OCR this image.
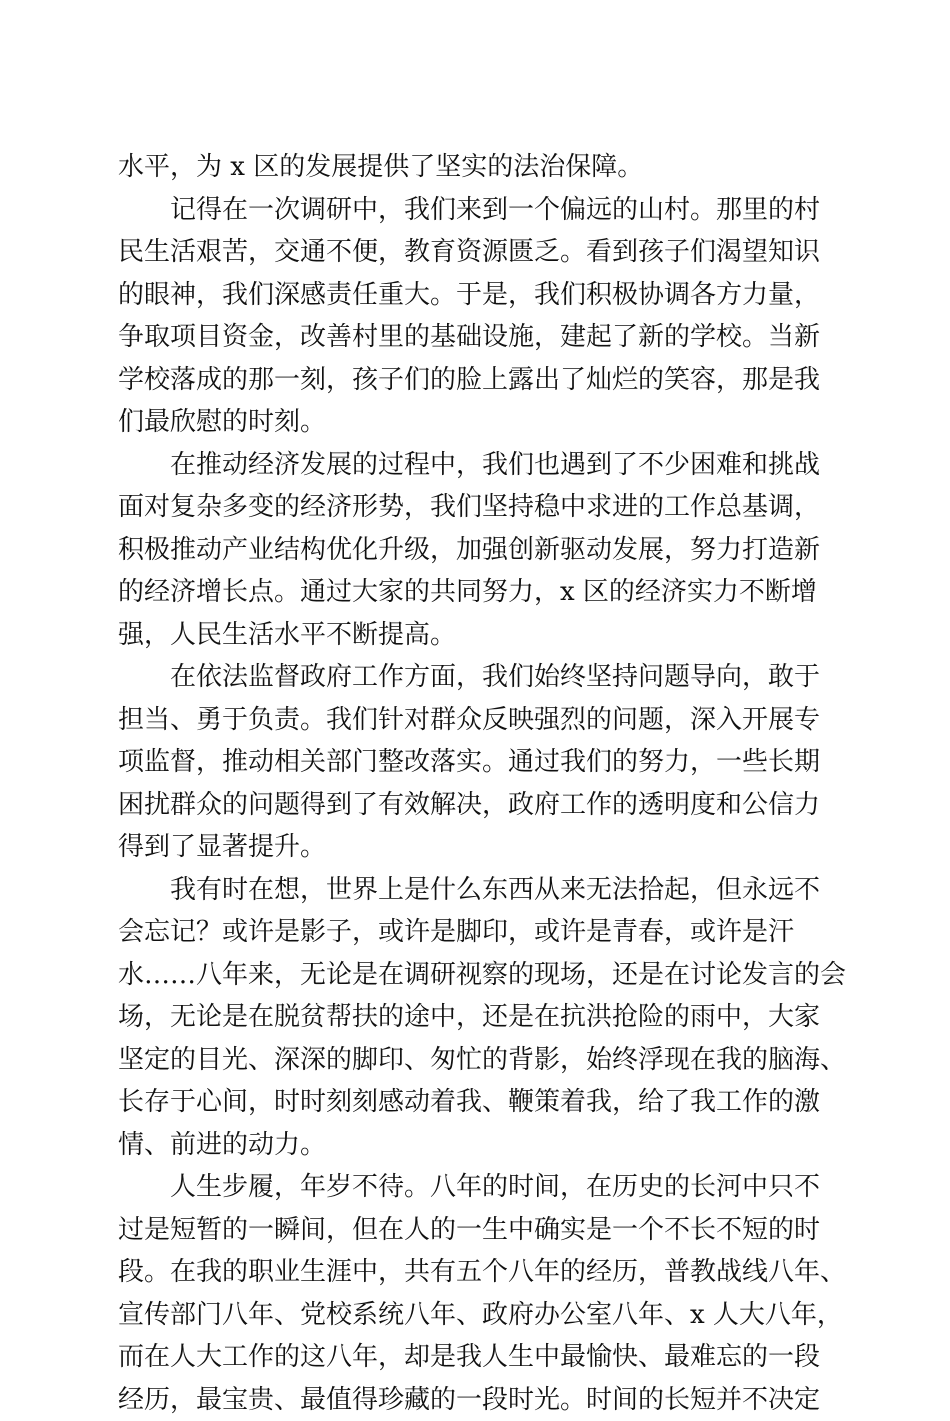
水平，为 x 区的发展提供了坚实的法治保障。
记得在一次调研中，我们来到一个偏远的山村。那里的村
民生活艰苦，交通不便，教育资源匮乏。看到孩子们渴望知识
的眼神，我们深感责任重大。于是，我们积极协调各方力量，
争取项目资金，改善村里的基础设施，建起了新的学校。当新
学校落成的那一刻，孩子们的脸上露出了灿烂的笑容，那是我
们最欣慰的时刻。
在推动经济发展的过程中，我们也遇到了不少困难和挑战
面对复杂多变的经济形势，我们坚持稳中求进的工作总基调，
积极推动产业结构优化升级，加强创新驱动发展，努力打造新
的经济增长点。通过大家的共同努力，x 区的经济实力不断增
强，人民生活水平不断提高。
在依法监督政府工作方面，我们始终坚持问题导向，敢于
担当、勇于负责。我们针对群众反映强烈的问题，深入开展专
项监督，推动相关部门整改落实。通过我们的努力，一些长期
困扰群众的问题得到了有效解决，政府工作的透明度和公信力
得到了显著提升。
我有时在想，世界上是什么东西从来无法拾起，但永远不
会忘记？或许是影子，或许是脚印，或许是青春，或许是汗
水……八年来，无论是在调研视察的现场，还是在讨论发言的会
场，无论是在脱贫帮扶的途中，还是在抗洪抢险的雨中，大家
坚定的目光、深深的脚印、匆忙的背影，始终浮现在我的脑海、
长存于心间，时时刻刻感动着我、鞭策着我，给了我工作的激
情、前进的动力。
人生步履，年岁不待。八年的时间，在历史的长河中只不
过是短暂的一瞬间，但在人的一生中确实是一个不长不短的时
段。在我的职业生涯中，共有五个八年的经历，普教战线八年、
宣传部门八年、党校系统八年、政府办公室八年、x 人大八年，
而在人大工作的这八年，却是我人生中最愉快、最难忘的一段
经历，最宝贵、最值得珍藏的一段时光。时间的长短并不决定
